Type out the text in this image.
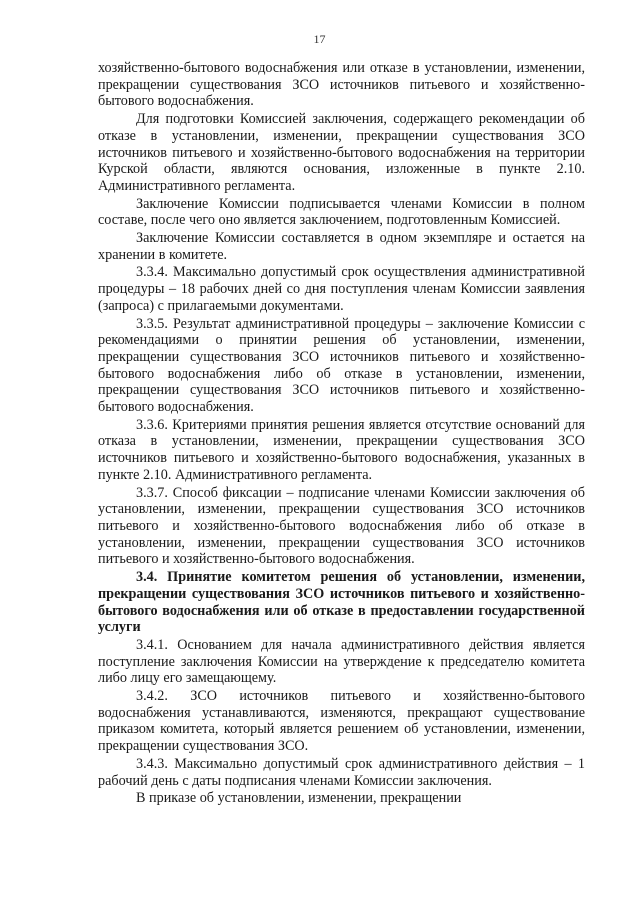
17

хозяйственно-бытового водоснабжения или отказе в установлении, изменении, прекращении существования ЗСО источников питьевого и хозяйственно-бытового водоснабжения.

Для подготовки Комиссией заключения, содержащего рекомендации об отказе в установлении, изменении, прекращении существования ЗСО источников питьевого и хозяйственно-бытового водоснабжения на территории Курской области, являются основания, изложенные в пункте 2.10. Административного регламента.

Заключение Комиссии подписывается членами Комиссии в полном составе, после чего оно является заключением, подготовленным Комиссией.

Заключение Комиссии составляется в одном экземпляре и остается на хранении в комитете.

3.3.4. Максимально допустимый срок осуществления административной процедуры – 18 рабочих дней со дня поступления членам Комиссии заявления (запроса) с прилагаемыми документами.

3.3.5. Результат административной процедуры – заключение Комиссии с рекомендациями о принятии решения об установлении, изменении, прекращении существования ЗСО источников питьевого и хозяйственно-бытового водоснабжения либо об отказе в установлении, изменении, прекращении существования ЗСО источников питьевого и хозяйственно-бытового водоснабжения.

3.3.6. Критериями принятия решения является отсутствие оснований для отказа в установлении, изменении, прекращении существования ЗСО источников питьевого и хозяйственно-бытового водоснабжения, указанных в пункте 2.10. Административного регламента.

3.3.7. Способ фиксации – подписание членами Комиссии заключения об установлении, изменении, прекращении существования ЗСО источников питьевого и хозяйственно-бытового водоснабжения либо об отказе в установлении, изменении, прекращении существования ЗСО источников питьевого и хозяйственно-бытового водоснабжения.

3.4. Принятие комитетом решения об установлении, изменении, прекращении существования ЗСО источников питьевого и хозяйственно-бытового водоснабжения или об отказе в предоставлении государственной услуги

3.4.1. Основанием для начала административного действия является поступление заключения Комиссии на утверждение к председателю комитета либо лицу его замещающему.

3.4.2. ЗСО источников питьевого и хозяйственно-бытового водоснабжения устанавливаются, изменяются, прекращают существование приказом комитета, который является решением об установлении, изменении, прекращении существования ЗСО.

3.4.3. Максимально допустимый срок административного действия – 1 рабочий день с даты подписания членами Комиссии заключения.

В приказе об установлении, изменении, прекращении
